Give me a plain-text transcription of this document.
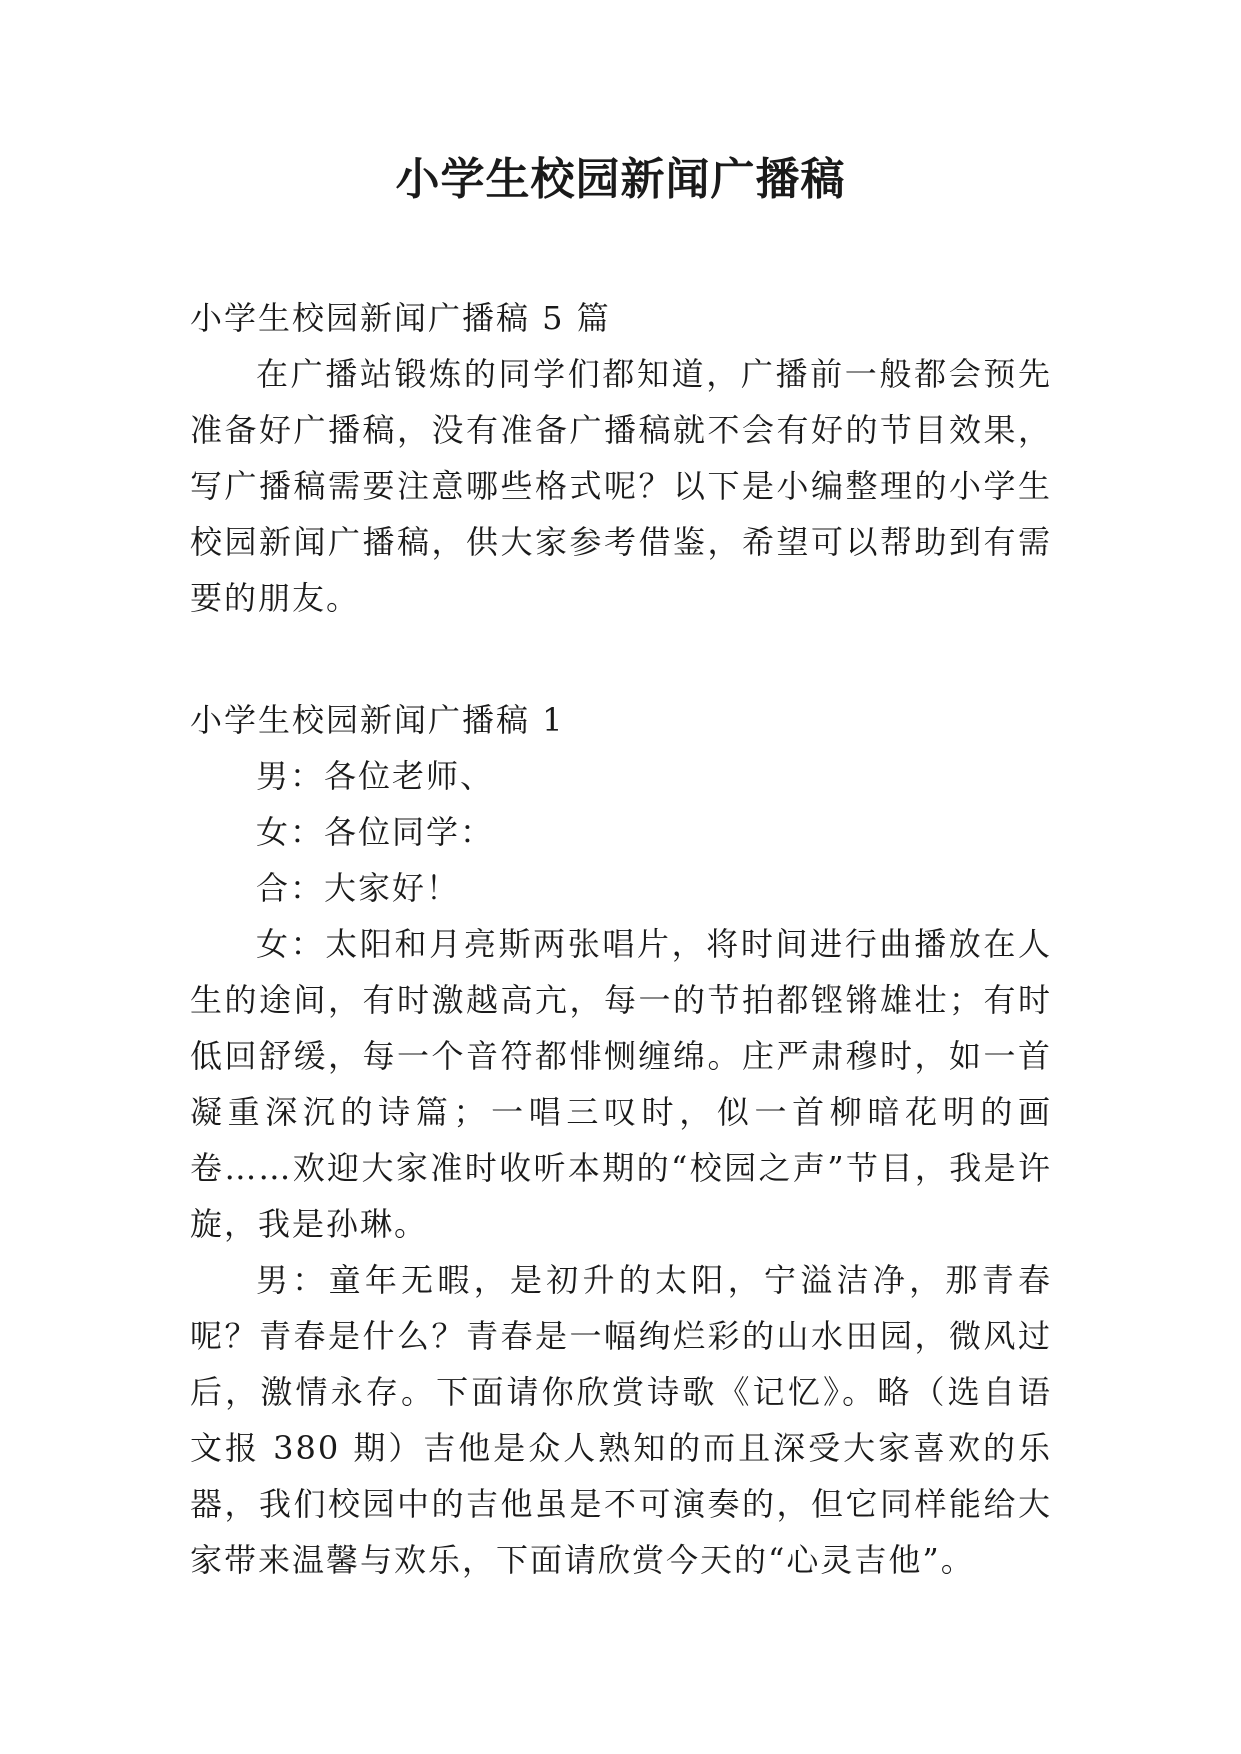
小学生校园新闻广播稿

小学生校园新闻广播稿 5 篇

在广播站锻炼的同学们都知道，广播前一般都会预先准备好广播稿，没有准备广播稿就不会有好的节目效果，写广播稿需要注意哪些格式呢？以下是小编整理的小学生校园新闻广播稿，供大家参考借鉴，希望可以帮助到有需要的朋友。

小学生校园新闻广播稿 1

男：各位老师、

女：各位同学：

合：大家好！

女：太阳和月亮斯两张唱片，将时间进行曲播放在人生的途间，有时激越高亢，每一的节拍都铿锵雄壮；有时低回舒缓，每一个音符都悱恻缠绵。庄严肃穆时，如一首凝重深沉的诗篇；一唱三叹时，似一首柳暗花明的画卷……欢迎大家准时收听本期的“校园之声”节目，我是许旋，我是孙琳。

男：童年无暇，是初升的太阳，宁溢洁净，那青春呢？青春是什么？青春是一幅绚烂彩的山水田园，微风过后，激情永存。下面请你欣赏诗歌《记忆》。略（选自语文报 380 期）吉他是众人熟知的而且深受大家喜欢的乐器，我们校园中的吉他虽是不可演奏的，但它同样能给大家带来温馨与欢乐，下面请欣赏今天的“心灵吉他”。
